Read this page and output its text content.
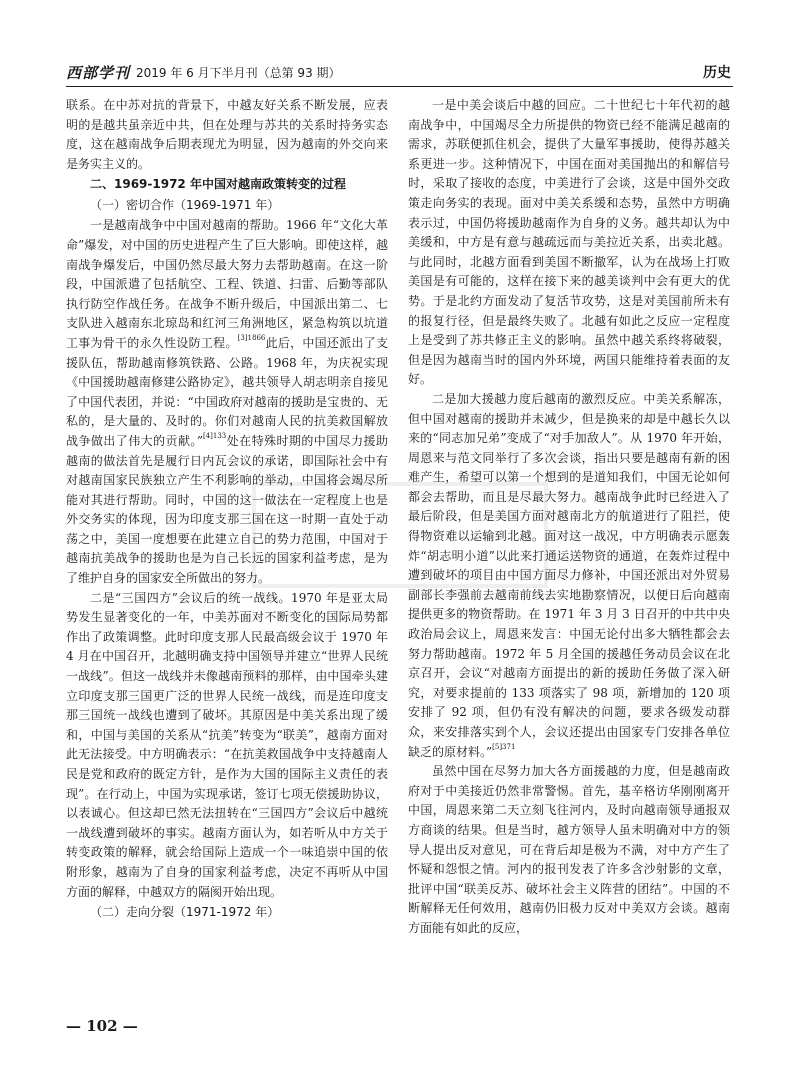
西部学刊 2019 年 6 月下半月刊（总第 93 期）	历史

联系。在中苏对抗的背景下，中越友好关系不断发展，应表明的是越共虽亲近中共，但在处理与苏共的关系时持务实态度，这在越南战争后期表现尤为明显，因为越南的外交向来是务实主义的。

二、1969-1972 年中国对越南政策转变的过程
（一）密切合作（1969-1971 年）

一是越南战争中中国对越南的帮助。1966 年“文化大革命”爆发，对中国的历史进程产生了巨大影响。即使这样，越南战争爆发后，中国仍然尽最大努力去帮助越南。在这一阶段，中国派遣了包括航空、工程、铁道、扫雷、后勤等部队执行防空作战任务。在战争不断升级后，中国派出第二、七支队进入越南东北琼岛和红河三角洲地区，紧急构筑以坑道工事为骨干的永久性设防工程。$^{[3]1866}$此后，中国还派出了支援队伍，帮助越南修筑铁路、公路。1968 年，为庆祝实现《中国援助越南修建公路协定》，越共领导人胡志明亲自接见了中国代表团，并说：“中国政府对越南的援助是宝贵的、无私的，是大量的、及时的。你们对越南人民的抗美救国解放战争做出了伟大的贡献。”$^{[4]133}$处在特殊时期的中国尽力援助越南的做法首先是履行日内瓦会议的承诺，即国际社会中有对越南国家民族独立产生不利影响的举动，中国将会竭尽所能对其进行帮助。同时，中国的这一做法在一定程度上也是外交务实的体现，因为印度支那三国在这一时期一直处于动荡之中，美国一度想要在此建立自己的势力范围，中国对于越南抗美战争的援助也是为自己长远的国家利益考虑，是为了维护自身的国家安全所做出的努力。

二是“三国四方”会议后的统一战线。1970 年是亚太局势发生显著变化的一年，中美苏面对不断变化的国际局势都作出了政策调整。此时印度支那人民最高级会议于 1970 年 4 月在中国召开，北越明确支持中国领导并建立“世界人民统一战线”。但这一战线并未像越南预料的那样，由中国牵头建立印度支那三国更广泛的世界人民统一战线，而是连印度支那三国统一战线也遭到了破坏。其原因是中美关系出现了缓和，中国与美国的关系从“抗美”转变为“联美”，越南方面对此无法接受。中方明确表示：“在抗美救国战争中支持越南人民是党和政府的既定方针，是作为大国的国际主义责任的表现”。在行动上，中国为实现承诺，签订七项无偿援助协议，以表诚心。但这却已然无法扭转在“三国四方”会议后中越统一战线遭到破坏的事实。越南方面认为，如若听从中方关于转变政策的解释，就会给国际上造成一个一味追崇中国的依附形象，越南为了自身的国家利益考虑，决定不再听从中国方面的解释，中越双方的隔阂开始出现。

（二）走向分裂（1971-1972 年）

一是中美会谈后中越的回应。二十世纪七十年代初的越南战争中，中国竭尽全力所提供的物资已经不能满足越南的需求，苏联便抓住机会，提供了大量军事援助，使得苏越关系更进一步。这种情况下，中国在面对美国抛出的和解信号时，采取了接收的态度，中美进行了会谈，这是中国外交政策走向务实的表现。面对中美关系缓和态势，虽然中方明确表示过，中国仍将援助越南作为自身的义务。越共却认为中美缓和，中方是有意与越疏远而与美拉近关系，出卖北越。与此同时，北越方面看到美国不断撤军，认为在战场上打败美国是有可能的，这样在接下来的越美谈判中会有更大的优势。于是北约方面发动了复活节攻势，这是对美国前所未有的报复行径，但是最终失败了。北越有如此之反应一定程度上是受到了苏共修正主义的影响。虽然中越关系终将破裂，但是因为越南当时的国内外环境，两国只能维持着表面的友好。

二是加大援越力度后越南的激烈反应。中美关系解冻，但中国对越南的援助并未减少，但是换来的却是中越长久以来的“同志加兄弟”变成了“对手加敌人”。从 1970 年开始，周恩来与范文同举行了多次会谈，指出只要是越南有新的困难产生，希望可以第一个想到的是道知我们，中国无论如何都会去帮助，而且是尽最大努力。越南战争此时已经进入了最后阶段，但是美国方面对越南北方的航道进行了阻拦，使得物资难以运输到北越。面对这一战况，中方明确表示愿轰炸“胡志明小道”以此来打通运送物资的通道，在轰炸过程中遭到破坏的项目由中国方面尽力修补，中国还派出对外贸易副部长李强前去越南前线去实地勘察情况，以便日后向越南提供更多的物资帮助。在 1971 年 3 月 3 日召开的中共中央政治局会议上，周恩来发言：中国无论付出多大牺牲都会去努力帮助越南。1972 年 5 月全国的援越任务动员会议在北京召开，会议“对越南方面提出的新的援助任务做了深入研究，对要求提前的 133 项落实了 98 项，新增加的 120 项安排了 92 项，但仍有没有解决的问题，要求各级发动群众，来安排落实到个人，会议还提出由国家专门安排各单位缺乏的原材料。”$^{[5]371}$

虽然中国在尽努力加大各方面援越的力度，但是越南政府对于中美接近仍然非常警惕。首先，基辛格访华刚刚离开中国，周恩来第二天立刻飞往河内，及时向越南领导通报双方商谈的结果。但是当时，越方领导人虽未明确对中方的领导人提出反对意见，可在背后却是极为不满，对中方产生了怀疑和怨恨之情。河内的报刊发表了许多含沙射影的文章，批评中国“联美反苏、破坏社会主义阵营的团结”。中国的不断解释无任何效用，越南仍旧极力反对中美双方会谈。越南方面能有如此的反应，

— 102 —
